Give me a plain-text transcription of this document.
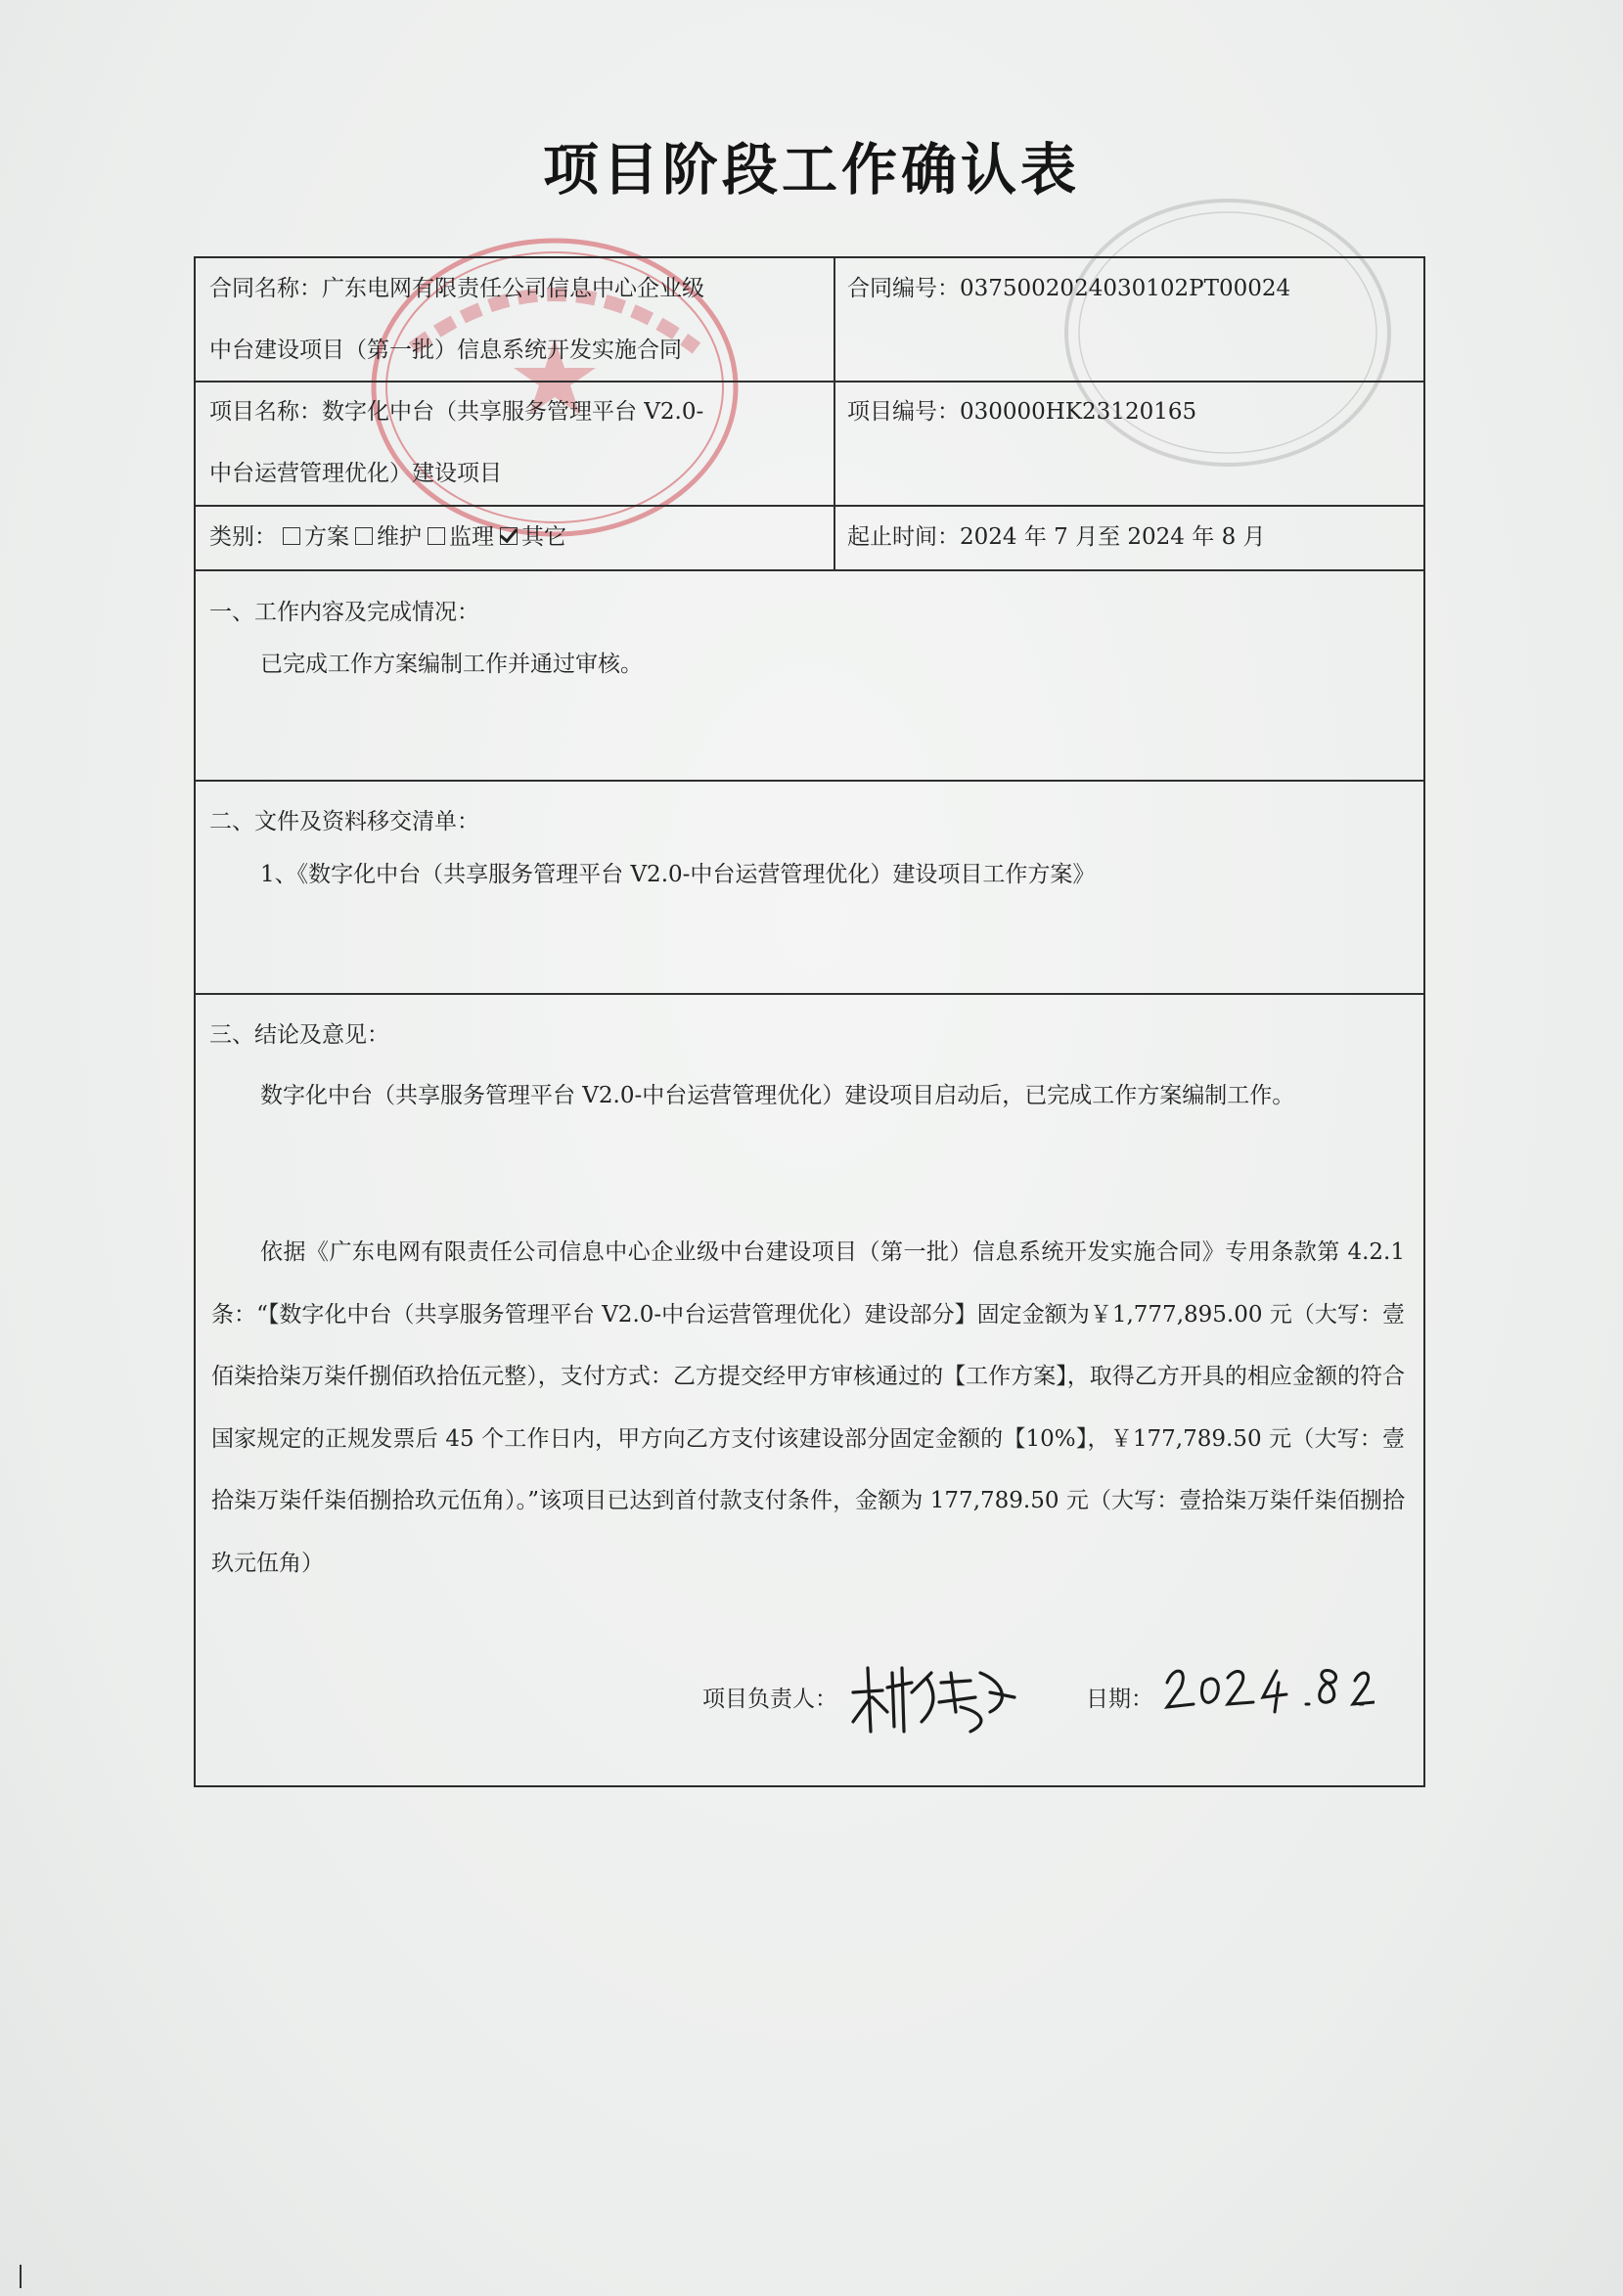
项目阶段工作确认表
合同名称：广东电网有限责任公司信息中心企业级
中台建设项目（第一批）信息系统开发实施合同
合同编号：0375002024030102PT00024
项目名称：数字化中台（共享服务管理平台 V2.0-
中台运营管理优化）建设项目
项目编号：030000HK23120165
类别： 方案 维护 监理 其它	起止时间：2024 年 7 月至 2024 年 8 月
一、工作内容及完成情况：
已完成工作方案编制工作并通过审核。
二、文件及资料移交清单：
1、《数字化中台（共享服务管理平台 V2.0-中台运营管理优化）建设项目工作方案》
三、结论及意见：
数字化中台（共享服务管理平台 V2.0-中台运营管理优化）建设项目启动后，已完成工作方案编制工作。
依据《广东电网有限责任公司信息中心企业级中台建设项目（第一批）信息系统开发实施合同》专用条款第 4.2.1 条：“【数字化中台（共享服务管理平台 V2.0-中台运营管理优化）建设部分】固定金额为￥1,777,895.00 元（大写：壹佰柒拾柒万柒仟捌佰玖拾伍元整），支付方式：乙方提交经甲方审核通过的【工作方案】，取得乙方开具的相应金额的符合国家规定的正规发票后 45 个工作日内，甲方向乙方支付该建设部分固定金额的【10%】，￥177,789.50 元（大写：壹拾柒万柒仟柒佰捌拾玖元伍角）。”该项目已达到首付款支付条件，金额为 177,789.50 元（大写：壹拾柒万柒仟柒佰捌拾玖元伍角）
项目负责人：	日期：
